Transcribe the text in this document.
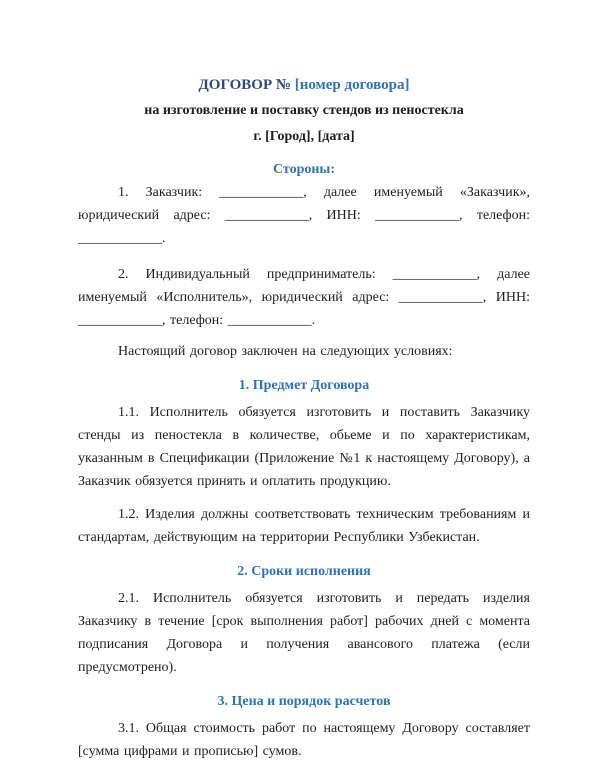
ДОГОВОР № [номер договора]

на изготовление и поставку стендов из пеностекла

г. [Город], [дата]

Стороны:

1. Заказчик: ____________, далее именуемый «Заказчик», юридический адрес: ____________, ИНН: ____________, телефон: ____________.

2. Индивидуальный предприниматель: ____________, далее именуемый «Исполнитель», юридический адрес: ____________, ИНН: ____________, телефон: ____________.

Настоящий договор заключен на следующих условиях:

1. Предмет Договора

1.1. Исполнитель обязуется изготовить и поставить Заказчику стенды из пеностекла в количестве, обьеме и по характеристикам, указанным в Спецификации (Приложение №1 к настоящему Договору), а Заказчик обязуется принять и оплатить продукцию.

1.2. Изделия должны соответствовать техническим требованиям и стандартам, действующим на территории Республики Узбекистан.

2. Сроки исполнения

2.1. Исполнитель обязуется изготовить и передать изделия Заказчику в течение [срок выполнения работ] рабочих дней с момента подписания Договора и получения авансового платежа (если предусмотрено).

3. Цена и порядок расчетов

3.1. Общая стоимость работ по настоящему Договору составляет [сумма цифрами и прописью] сумов.
